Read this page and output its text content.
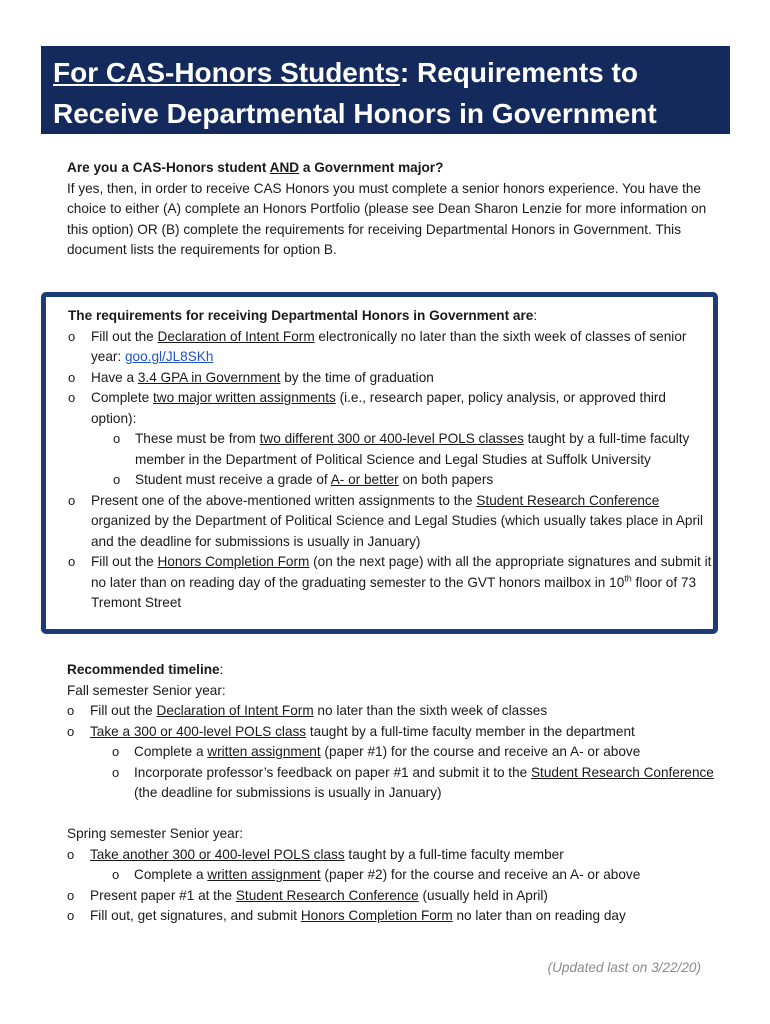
For CAS-Honors Students: Requirements to Receive Departmental Honors in Government
Are you a CAS-Honors student AND a Government major?
If yes, then, in order to receive CAS Honors you must complete a senior honors experience. You have the choice to either (A) complete an Honors Portfolio (please see Dean Sharon Lenzie for more information on this option) OR (B) complete the requirements for receiving Departmental Honors in Government. This document lists the requirements for option B.
The requirements for receiving Departmental Honors in Government are:
o	Fill out the Declaration of Intent Form electronically no later than the sixth week of classes of senior year: goo.gl/JL8SKh
o	Have a 3.4 GPA in Government by the time of graduation
o	Complete two major written assignments (i.e., research paper, policy analysis, or approved third option):
o	These must be from two different 300 or 400-level POLS classes taught by a full-time faculty member in the Department of Political Science and Legal Studies at Suffolk University
o	Student must receive a grade of A- or better on both papers
o	Present one of the above-mentioned written assignments to the Student Research Conference organized by the Department of Political Science and Legal Studies (which usually takes place in April and the deadline for submissions is usually in January)
o	Fill out the Honors Completion Form (on the next page) with all the appropriate signatures and submit it no later than on reading day of the graduating semester to the GVT honors mailbox in 10th floor of 73 Tremont Street
Recommended timeline:
Fall semester Senior year:
o	Fill out the Declaration of Intent Form no later than the sixth week of classes
o	Take a 300 or 400-level POLS class taught by a full-time faculty member in the department
o	Complete a written assignment (paper #1) for the course and receive an A- or above
o	Incorporate professor’s feedback on paper #1 and submit it to the Student Research Conference (the deadline for submissions is usually in January)
Spring semester Senior year:
o	Take another 300 or 400-level POLS class taught by a full-time faculty member
o	Complete a written assignment (paper #2) for the course and receive an A- or above
o	Present paper #1 at the Student Research Conference (usually held in April)
o	Fill out, get signatures, and submit Honors Completion Form no later than on reading day
(Updated last on 3/22/20)
